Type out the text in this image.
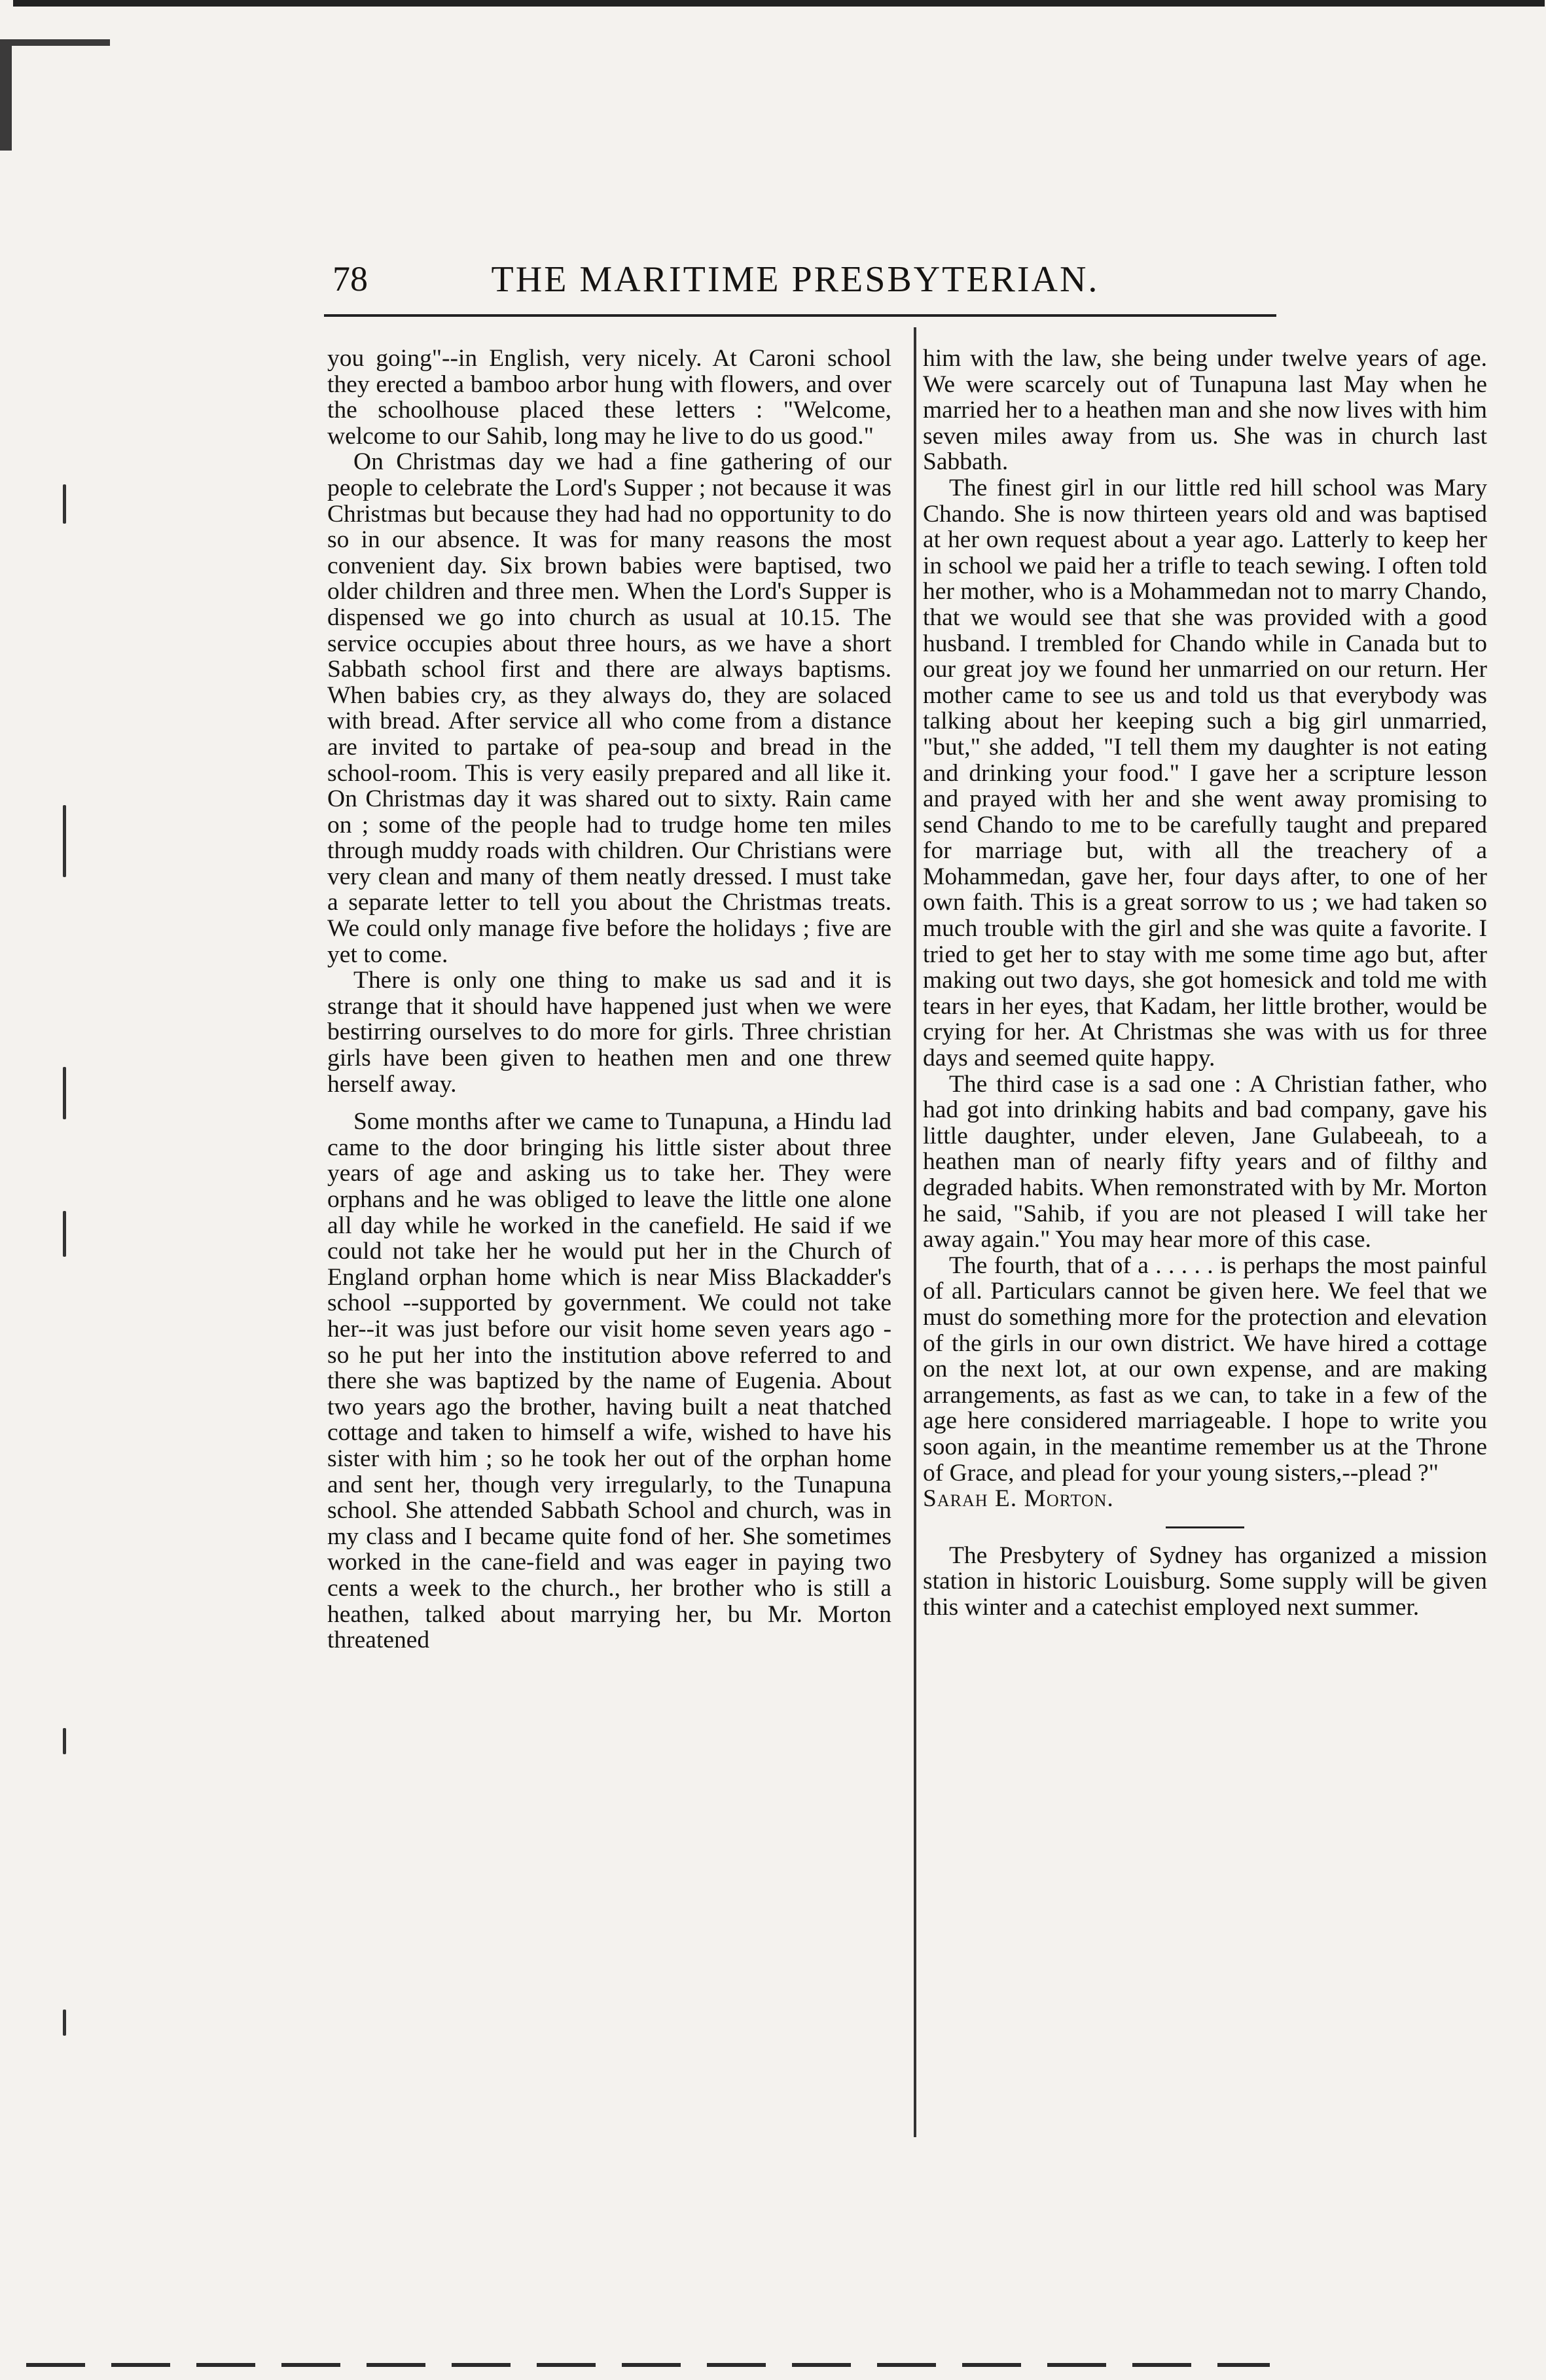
78	THE MARITIME PRESBYTERIAN.

you going"--in English, very nicely. At Caroni school they erected a bamboo arbor hung with flowers, and over the schoolhouse placed these letters : "Welcome, welcome to our Sahib, long may he live to do us good."

On Christmas day we had a fine gathering of our people to celebrate the Lord's Supper ; not because it was Christmas but because they had had no opportunity to do so in our absence. It was for many reasons the most convenient day. Six brown babies were baptised, two older children and three men. When the Lord's Supper is dispensed we go into church as usual at 10.15. The service occupies about three hours, as we have a short Sabbath school first and there are always baptisms. When babies cry, as they always do, they are solaced with bread. After service all who come from a distance are invited to partake of pea-soup and bread in the school-room. This is very easily prepared and all like it. On Christmas day it was shared out to sixty. Rain came on ; some of the people had to trudge home ten miles through muddy roads with children. Our Christians were very clean and many of them neatly dressed. I must take a separate letter to tell you about the Christmas treats. We could only manage five before the holidays ; five are yet to come.

There is only one thing to make us sad and it is strange that it should have happened just when we were bestirring ourselves to do more for girls. Three christian girls have been given to heathen men and one threw herself away.

Some months after we came to Tunapuna, a Hindu lad came to the door bringing his little sister about three years of age and asking us to take her. They were orphans and he was obliged to leave the little one alone all day while he worked in the canefield. He said if we could not take her he would put her in the Church of England orphan home which is near Miss Blackadder's school --supported by government. We could not take her--it was just before our visit home seven years ago - so he put her into the institution above referred to and there she was baptized by the name of Eugenia. About two years ago the brother, having built a neat thatched cottage and taken to himself a wife, wished to have his sister with him ; so he took her out of the orphan home and sent her, though very irregularly, to the Tunapuna school. She attended Sabbath School and church, was in my class and I became quite fond of her. She sometimes worked in the cane-field and was eager in paying two cents a week to the church., her brother who is still a heathen, talked about marrying her, bu Mr. Morton threatened

him with the law, she being under twelve years of age. We were scarcely out of Tunapuna last May when he married her to a heathen man and she now lives with him seven miles away from us. She was in church last Sabbath.

The finest girl in our little red hill school was Mary Chando. She is now thirteen years old and was baptised at her own request about a year ago. Latterly to keep her in school we paid her a trifle to teach sewing. I often told her mother, who is a Mohammedan not to marry Chando, that we would see that she was provided with a good husband. I trembled for Chando while in Canada but to our great joy we found her unmarried on our return. Her mother came to see us and told us that everybody was talking about her keeping such a big girl unmarried, "but," she added, "I tell them my daughter is not eating and drinking your food." I gave her a scripture lesson and prayed with her and she went away promising to send Chando to me to be carefully taught and prepared for marriage but, with all the treachery of a Mohammedan, gave her, four days after, to one of her own faith. This is a great sorrow to us ; we had taken so much trouble with the girl and she was quite a favorite. I tried to get her to stay with me some time ago but, after making out two days, she got homesick and told me with tears in her eyes, that Kadam, her little brother, would be crying for her. At Christmas she was with us for three days and seemed quite happy.

The third case is a sad one : A Christian father, who had got into drinking habits and bad company, gave his little daughter, under eleven, Jane Gulabeeah, to a heathen man of nearly fifty years and of filthy and degraded habits. When remonstrated with by Mr. Morton he said, "Sahib, if you are not pleased I will take her away again." You may hear more of this case.

The fourth, that of a . . . . . is perhaps the most painful of all. Particulars cannot be given here. We feel that we must do something more for the protection and elevation of the girls in our own district. We have hired a cottage on the next lot, at our own expense, and are making arrangements, as fast as we can, to take in a few of the age here considered marriageable. I hope to write you soon again, in the meantime remember us at the Throne of Grace, and plead for your young sisters,--plead ?"

Sarah E. Morton.

The Presbytery of Sydney has organized a mission station in historic Louisburg. Some supply will be given this winter and a catechist employed next summer.
